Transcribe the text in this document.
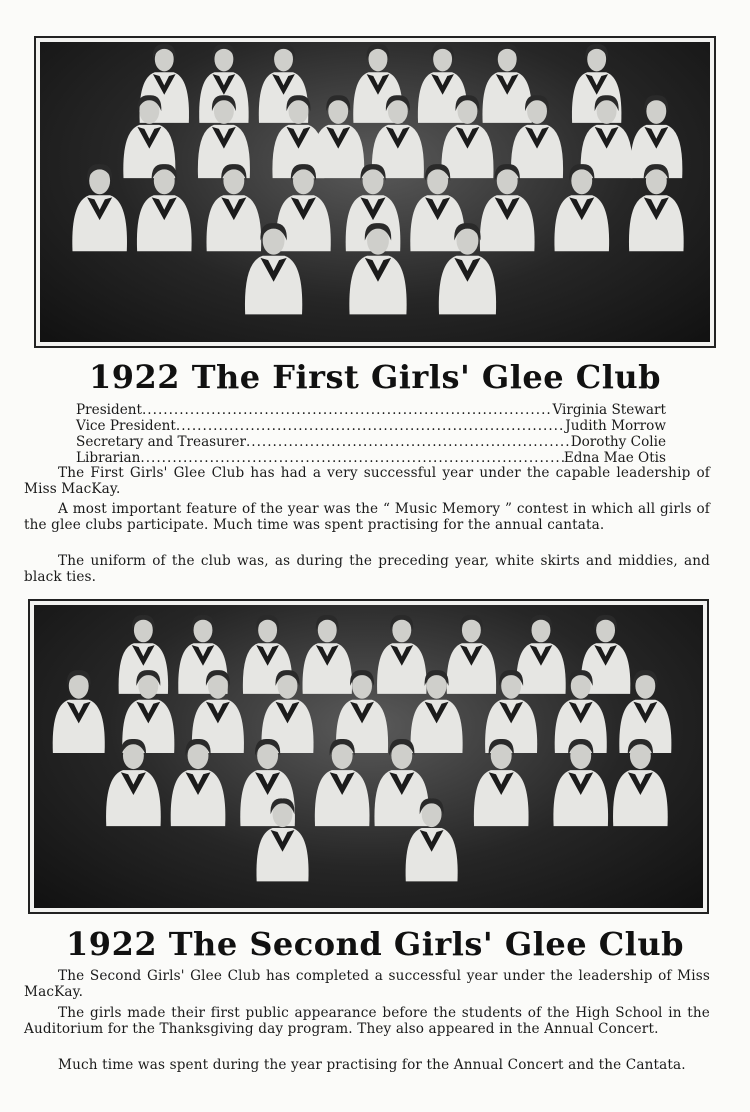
1922 The First Girls' Glee Club
President .....	Virginia Stewart
Vice President .....	Judith Morrow
Secretary and Treasurer .....	Dorothy Colie
Librarian .....	Edna Mae Otis

The First Girls' Glee Club has had a very successful year under the capable leadership of Miss MacKay.

A most important feature of the year was the “ Music Memory ” contest in which all girls of the glee clubs participate. Much time was spent practising for the annual cantata.

The uniform of the club was, as during the preceding year, white skirts and middies, and black ties.

1922 The Second Girls' Glee Club

The Second Girls' Glee Club has completed a successful year under the leadership of Miss MacKay.

The girls made their first public appearance before the students of the High School in the Auditorium for the Thanksgiving day program. They also appeared in the Annual Concert.

Much time was spent during the year practising for the Annual Concert and the Cantata.
